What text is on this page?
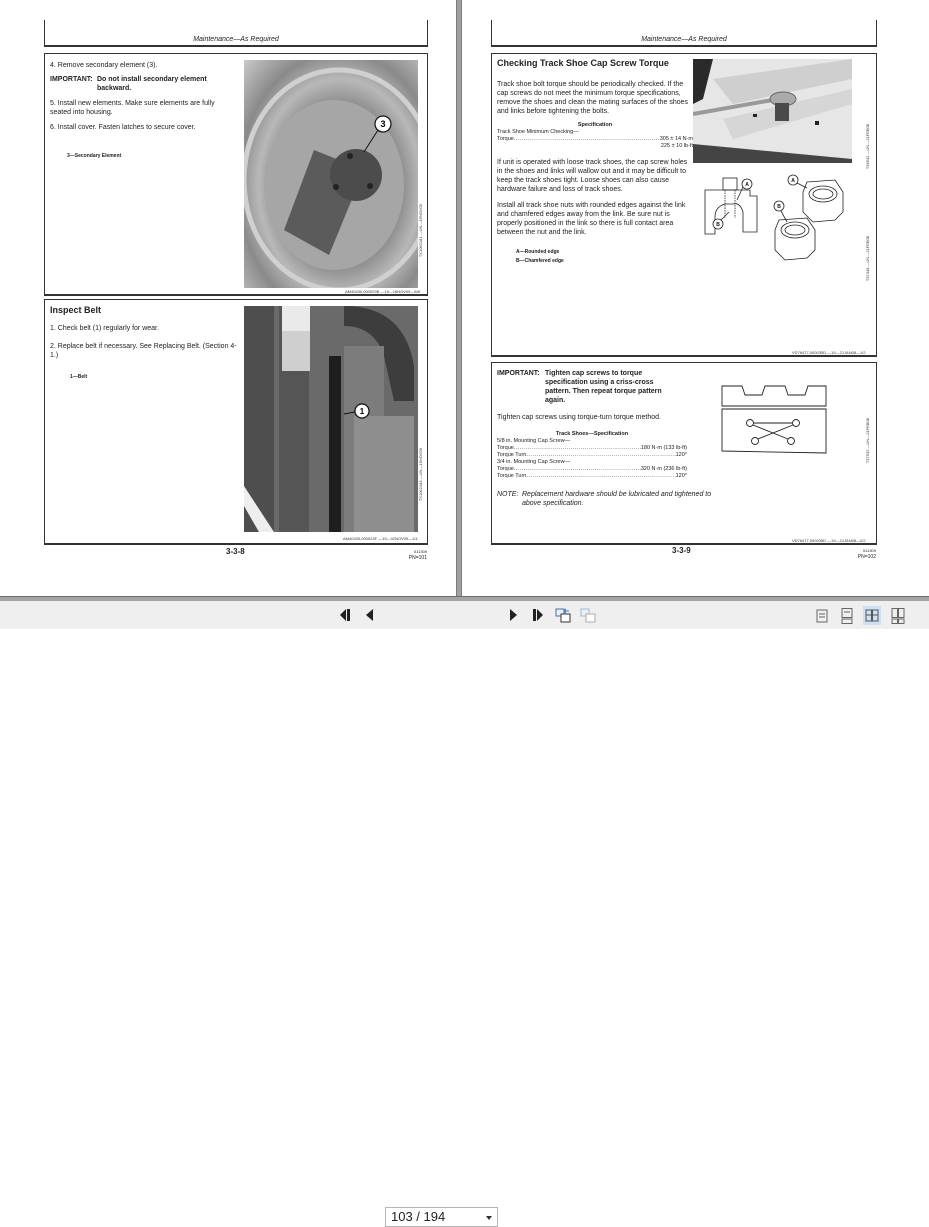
Maintenance—As Required
4. Remove secondary element (3).
IMPORTANT: Do not install secondary element backward.
5. Install new elements. Make sure elements are fully seated into housing.
6. Install cover. Fasten latches to secure cover.
3—Secondary Element
3
TX1062181 —UN—16NOV09
AM40430,000029B —19—16NOV09—8/8
Inspect Belt
1. Check belt (1) regularly for wear.
2. Replace belt if necessary. See Replacing Belt. (Section 4-1.)
1—Belt
1
TX1062184 —UN—16NOV09
AM40430,000023F —19—02NOV09—1/1
3-3-8	011309
PN=101
Maintenance—As Required
Checking Track Shoe Cap Screw Torque
Track shoe bolt torque should be periodically checked. If the cap screws do not meet the minimum torque specifications, remove the shoes and clean the mating surfaces of the shoes and links before tightening the bolts.
Specification
Track Shoe Minimum Checking—
Torque .....	305 ± 14 N·m
225 ± 10 lb-ft
If unit is operated with loose track shoes, the cap screw holes in the shoes and links will wallow out and it may be difficult to keep the track shoes tight. Loose shoes can also cause hardware failure and loss of track shoes.
Install all track shoe nuts with rounded edges against the link and chamfered edges away from the link. Be sure nut is properly positioned in the link so there is full contact area between the nut and the link.
A—Rounded edge
B—Chamfered edge
T36542 —UN—21FEB08
A
B
A
B
T37449 —UN—21FEB08
VD76477,000035D —19—21JAN08—1/2
IMPORTANT: Tighten cap screws to torque specification using a criss-cross pattern. Then repeat torque pattern again.
Tighten cap screws using torque-turn torque method.
Track Shoes—Specification
5/8 in. Mounting Cap Screw—
Torque .....	180 N·m (133 lb-ft)
Torque Turn .....	120°
3/4 in. Mounting Cap Screw—
Torque .....	320 N·m (236 lb-ft)
Torque Turn .....	120°
NOTE: Replacement hardware should be lubricated and tightened to above specification.
T37532 —UN—21FEB08
VD76477,000035D —19—21JAN08—2/2
3-3-9	011309
PN=102
103 / 194
